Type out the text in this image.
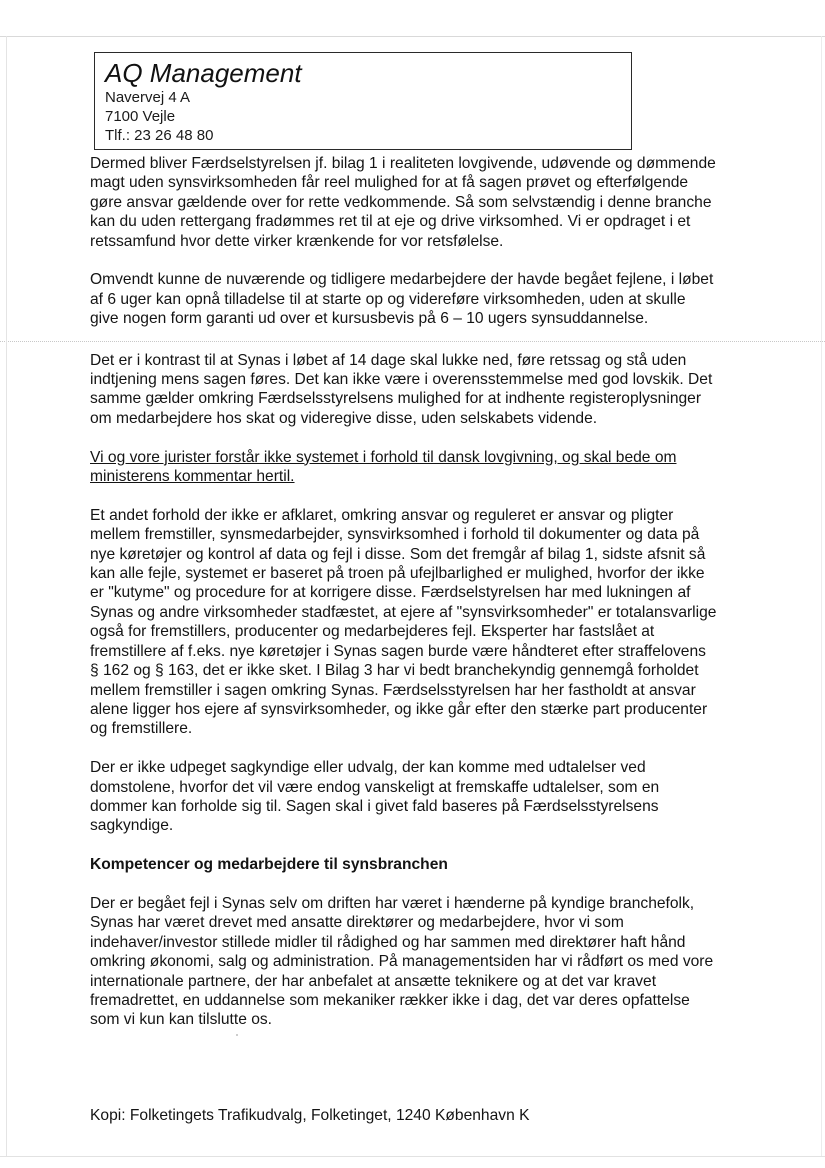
AQ Management
Navervej 4 A
7100 Vejle
Tlf.: 23 26 48 80
Dermed bliver Færdselstyrelsen jf. bilag 1 i realiteten lovgivende, udøvende og dømmende
magt uden synsvirksomheden får reel mulighed for at få sagen prøvet og efterfølgende
gøre ansvar gældende over for rette vedkommende. Så som selvstændig i denne branche
kan du uden rettergang fradømmes ret til at eje og drive virksomhed. Vi er opdraget i et
retssamfund hvor dette virker krænkende for vor retsfølelse.
Omvendt kunne de nuværende og tidligere medarbejdere der havde begået fejlene, i løbet
af 6 uger kan opnå tilladelse til at starte op og videreføre virksomheden, uden at skulle
give nogen form garanti ud over et kursusbevis på 6 – 10 ugers synsuddannelse.
Det er i kontrast til at Synas i løbet af 14 dage skal lukke ned, føre retssag og stå uden
indtjening mens sagen føres. Det kan ikke være i overensstemmelse med god lovskik. Det
samme gælder omkring Færdselsstyrelsens mulighed for at indhente registeroplysninger
om medarbejdere hos skat og videregive disse, uden selskabets vidende.
Vi og vore jurister forstår ikke systemet i forhold til dansk lovgivning, og skal bede om
ministerens kommentar hertil.
Et andet forhold der ikke er afklaret, omkring ansvar og reguleret er ansvar og pligter
mellem fremstiller, synsmedarbejder, synsvirksomhed i forhold til dokumenter og data på
nye køretøjer og kontrol af data og fejl i disse. Som det fremgår af bilag 1, sidste afsnit så
kan alle fejle, systemet er baseret på troen på ufejlbarlighed er mulighed, hvorfor der ikke
er "kutyme" og procedure for at korrigere disse. Færdselstyrelsen har med lukningen af
Synas og andre virksomheder stadfæstet, at ejere af "synsvirksomheder" er totalansvarlige
også for fremstillers, producenter og medarbejderes fejl. Eksperter har fastslået at
fremstillere af f.eks. nye køretøjer i Synas sagen burde være håndteret efter straffelovens
§ 162 og § 163, det er ikke sket. I Bilag 3 har vi bedt branchekyndig gennemgå forholdet
mellem fremstiller i sagen omkring Synas. Færdselsstyrelsen har her fastholdt at ansvar
alene ligger hos ejere af synsvirksomheder, og ikke går efter den stærke part producenter
og fremstillere.
Der er ikke udpeget sagkyndige eller udvalg, der kan komme med udtalelser ved
domstolene, hvorfor det vil være endog vanskeligt at fremskaffe udtalelser, som en
dommer kan forholde sig til. Sagen skal i givet fald baseres på Færdselsstyrelsens
sagkyndige.
Kompetencer og medarbejdere til synsbranchen
Der er begået fejl i Synas selv om driften har været i hænderne på kyndige branchefolk,
Synas har været drevet med ansatte direktører og medarbejdere, hvor vi som
indehaver/investor stillede midler til rådighed og har sammen med direktører haft hånd
omkring økonomi, salg og administration. På managementsiden har vi rådført os med vore
internationale partnere, der har anbefalet at ansætte teknikere og at det var kravet
fremadrettet, en uddannelse som mekaniker rækker ikke i dag, det var deres opfattelse
som vi kun kan tilslutte os.
Kopi: Folketingets Trafikudvalg, Folketinget, 1240 København K
